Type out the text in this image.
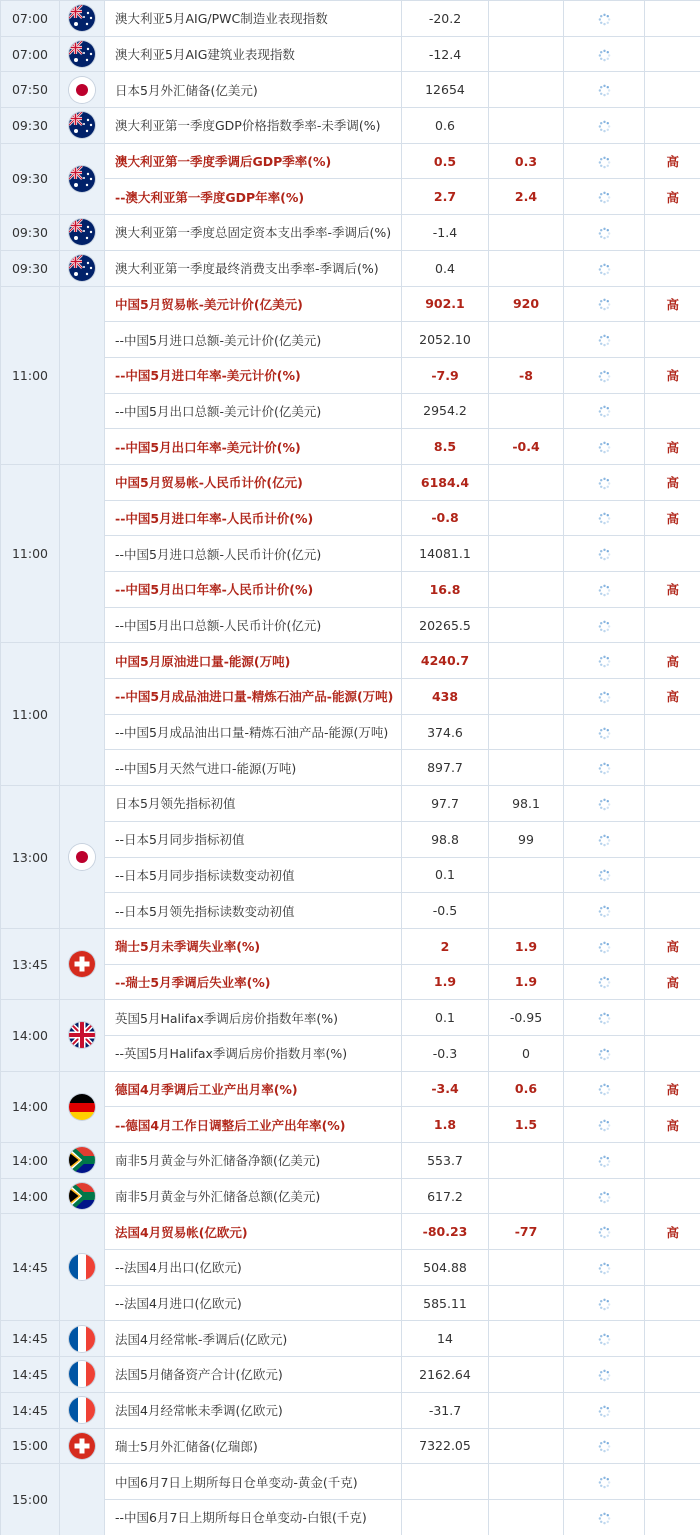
07:00		澳大利亚5月AIG/PWC制造业表现指数	-20.2			
07:00		澳大利亚5月AIG建筑业表现指数	-12.4			
07:50		日本5月外汇储备(亿美元)	12654			
09:30		澳大利亚第一季度GDP价格指数季率-未季调(%)	0.6			
09:30		澳大利亚第一季度季调后GDP季率(%)	0.5	0.3		高
		--澳大利亚第一季度GDP年率(%)	2.7	2.4		高
09:30		澳大利亚第一季度总固定资本支出季率-季调后(%)	-1.4			
09:30		澳大利亚第一季度最终消费支出季率-季调后(%)	0.4			
11:00		中国5月贸易帐-美元计价(亿美元)	902.1	920		高
		--中国5月进口总额-美元计价(亿美元)	2052.10			
		--中国5月进口年率-美元计价(%)	-7.9	-8		高
		--中国5月出口总额-美元计价(亿美元)	2954.2			
		--中国5月出口年率-美元计价(%)	8.5	-0.4		高
11:00		中国5月贸易帐-人民币计价(亿元)	6184.4			高
		--中国5月进口年率-人民币计价(%)	-0.8			高
		--中国5月进口总额-人民币计价(亿元)	14081.1			
		--中国5月出口年率-人民币计价(%)	16.8			高
		--中国5月出口总额-人民币计价(亿元)	20265.5			
11:00		中国5月原油进口量-能源(万吨)	4240.7			高
		--中国5月成品油进口量-精炼石油产品-能源(万吨)	438			高
		--中国5月成品油出口量-精炼石油产品-能源(万吨)	374.6			
		--中国5月天然气进口-能源(万吨)	897.7			
13:00		日本5月领先指标初值	97.7	98.1		
		--日本5月同步指标初值	98.8	99		
		--日本5月同步指标读数变动初值	0.1			
		--日本5月领先指标读数变动初值	-0.5			
13:45		瑞士5月未季调失业率(%)	2	1.9		高
		--瑞士5月季调后失业率(%)	1.9	1.9		高
14:00		英国5月Halifax季调后房价指数年率(%)	0.1	-0.95		
		--英国5月Halifax季调后房价指数月率(%)	-0.3	0		
14:00		德国4月季调后工业产出月率(%)	-3.4	0.6		高
		--德国4月工作日调整后工业产出年率(%)	1.8	1.5		高
14:00		南非5月黄金与外汇储备净额(亿美元)	553.7			
14:00		南非5月黄金与外汇储备总额(亿美元)	617.2			
14:45		法国4月贸易帐(亿欧元)	-80.23	-77		高
		--法国4月出口(亿欧元)	504.88			
		--法国4月进口(亿欧元)	585.11			
14:45		法国4月经常帐-季调后(亿欧元)	14			
14:45		法国5月储备资产合计(亿欧元)	2162.64			
14:45		法国4月经常帐未季调(亿欧元)	-31.7			
15:00		瑞士5月外汇储备(亿瑞郎)	7322.05			
15:00		中国6月7日上期所每日仓单变动-黄金(千克)				
		--中国6月7日上期所每日仓单变动-白银(千克)				
